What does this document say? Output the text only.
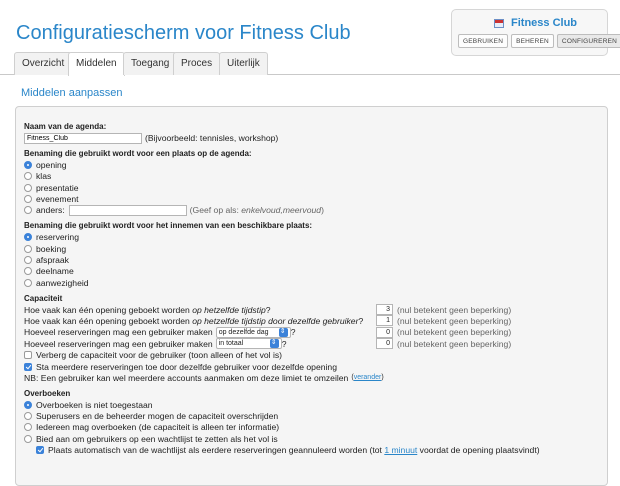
Configuratiescherm voor Fitness Club	Fitness Club
GEBRUIKEN	BEHEREN	CONFIGUREREN
Overzicht	Middelen	Toegang	Proces	Uiterlijk
Middelen aanpassen
Naam van de agenda:
Fitness_Club
(Bijvoorbeeld: tennisles, workshop)
Benaming die gebruikt wordt voor een plaats op de agenda:
opening
klas
presentatie
evenement
anders:	(Geef op als: enkelvoud,meervoud)
Benaming die gebruikt wordt voor het innemen van een beschikbare plaats:
reservering
boeking
afspraak
deelname
aanwezigheid
Capaciteit
Hoe vaak kan één opening geboekt worden op hetzelfde tijdstip?	3 (nul betekent geen beperking)
Hoe vaak kan één opening geboekt worden op hetzelfde tijdstip door dezelfde gebruiker?	1 (nul betekent geen beperking)
Hoeveel reserveringen mag een gebruiker maken op dezelfde dag ⇕	?	0 (nul betekent geen beperking)
Hoeveel reserveringen mag een gebruiker maken in totaal ⇕	?	0 (nul betekent geen beperking)
Verberg de capaciteit voor de gebruiker (toon alleen of het vol is)
Sta meerdere reserveringen toe door dezelfde gebruiker voor dezelfde opening
NB: Een gebruiker kan wel meerdere accounts aanmaken om deze limiet te omzeilen (verander)
Overboeken
Overboeken is niet toegestaan
Superusers en de beheerder mogen de capaciteit overschrijden
Iedereen mag overboeken (de capaciteit is alleen ter informatie)
Bied aan om gebruikers op een wachtlijst te zetten als het vol is
Plaats automatisch van de wachtlijst als eerdere reserveringen geannuleerd worden (tot 1 minuut voordat de opening plaatsvindt)
